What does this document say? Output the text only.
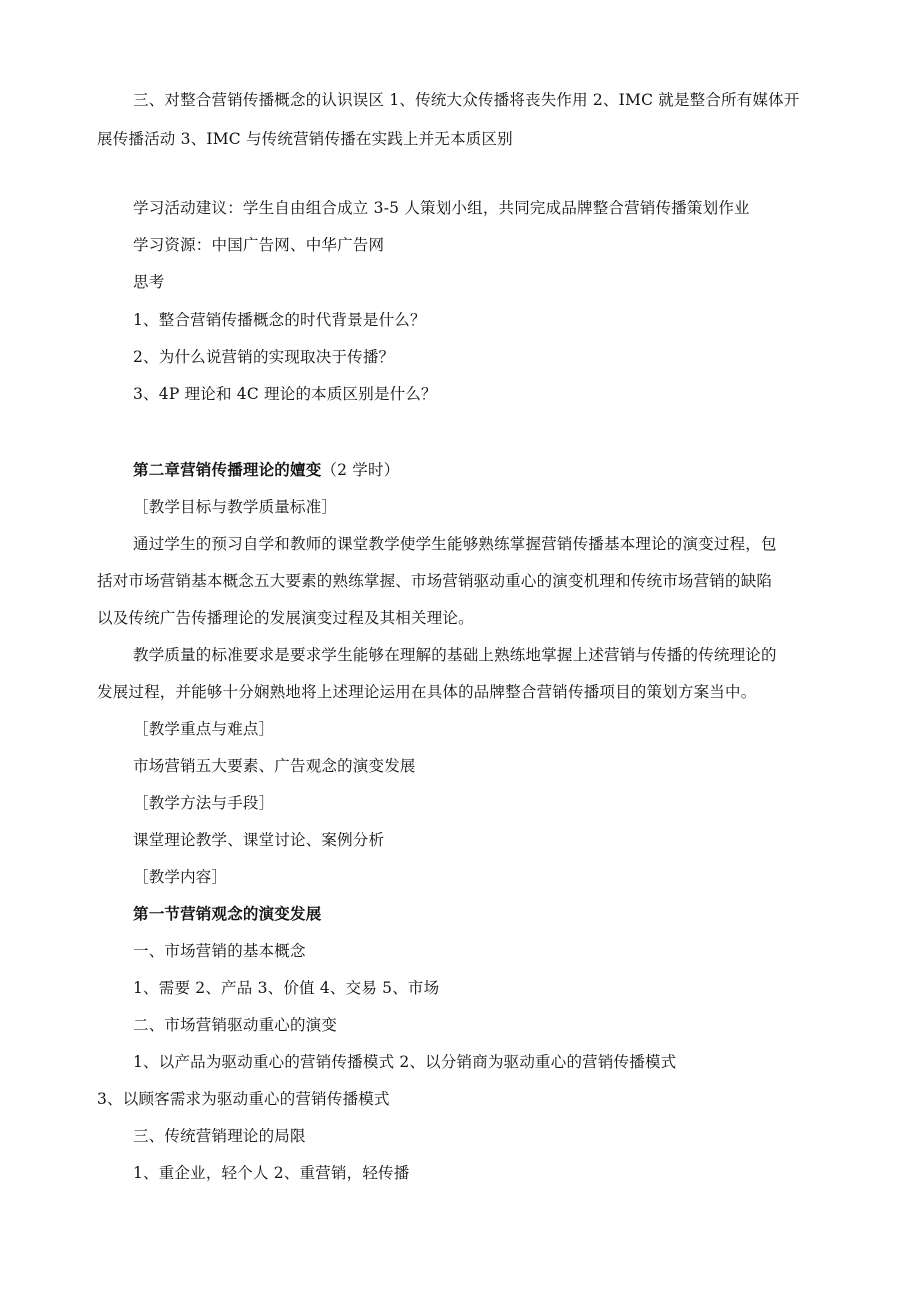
三、对整合营销传播概念的认识误区 1、传统大众传播将丧失作用 2、IMC 就是整合所有媒体开
展传播活动 3、IMC 与传统营销传播在实践上并无本质区别
学习活动建议：学生自由组合成立 3-5 人策划小组，共同完成品牌整合营销传播策划作业
学习资源：中国广告网、中华广告网
思考
1、整合营销传播概念的时代背景是什么？
2、为什么说营销的实现取决于传播？
3、4P 理论和 4C 理论的本质区别是什么？
第二章营销传播理论的嬗变（2 学时）
［教学目标与教学质量标准］
通过学生的预习自学和教师的课堂教学使学生能够熟练掌握营销传播基本理论的演变过程，包
括对市场营销基本概念五大要素的熟练掌握、市场营销驱动重心的演变机理和传统市场营销的缺陷
以及传统广告传播理论的发展演变过程及其相关理论。
教学质量的标准要求是要求学生能够在理解的基础上熟练地掌握上述营销与传播的传统理论的
发展过程，并能够十分娴熟地将上述理论运用在具体的品牌整合营销传播项目的策划方案当中。
［教学重点与难点］
市场营销五大要素、广告观念的演变发展
［教学方法与手段］
课堂理论教学、课堂讨论、案例分析
［教学内容］
第一节营销观念的演变发展
一、市场营销的基本概念
1、需要 2、产品 3、价值 4、交易 5、市场
二、市场营销驱动重心的演变
1、以产品为驱动重心的营销传播模式 2、以分销商为驱动重心的营销传播模式
3、以顾客需求为驱动重心的营销传播模式
三、传统营销理论的局限
1、重企业，轻个人 2、重营销，轻传播
